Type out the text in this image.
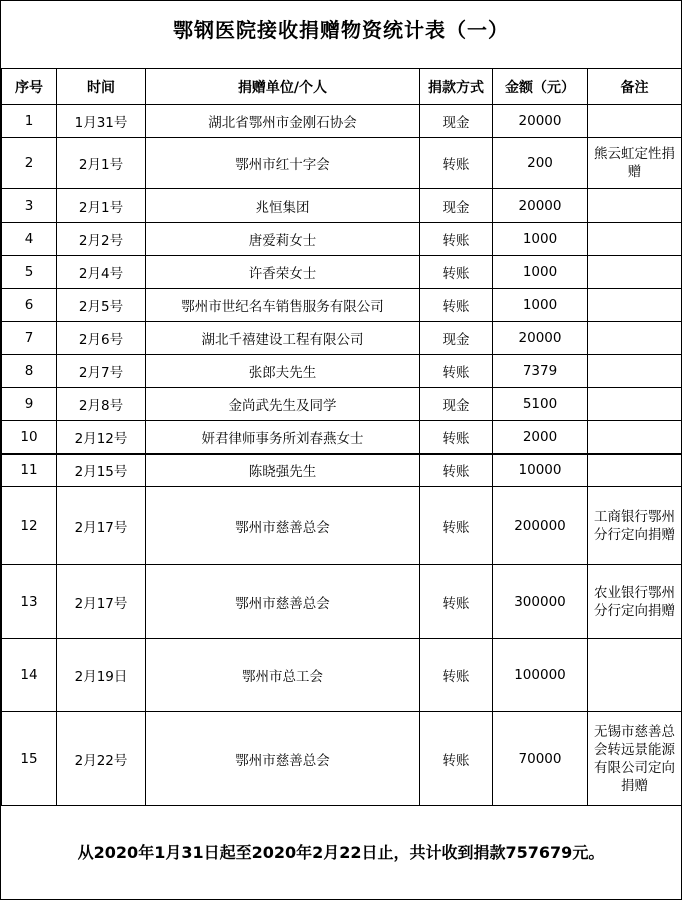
鄂钢医院接收捐赠物资统计表（一）
序号	时间	捐赠单位/个人	捐款方式	金额（元）	备注
1	1月31号	湖北省鄂州市金刚石协会	现金	20000	
2	2月1号	鄂州市红十字会	转账	200	熊云虹定性捐赠
3	2月1号	兆恒集团	现金	20000	
4	2月2号	唐爱莉女士	转账	1000	
5	2月4号	许香荣女士	转账	1000	
6	2月5号	鄂州市世纪名车销售服务有限公司	转账	1000	
7	2月6号	湖北千禧建设工程有限公司	现金	20000	
8	2月7号	张郎夫先生	转账	7379	
9	2月8号	金尚武先生及同学	现金	5100	
10	2月12号	妍君律师事务所刘春燕女士	转账	2000	
11	2月15号	陈晓强先生	转账	10000	
12	2月17号	鄂州市慈善总会	转账	200000	工商银行鄂州分行定向捐赠
13	2月17号	鄂州市慈善总会	转账	300000	农业银行鄂州分行定向捐赠
14	2月19日	鄂州市总工会	转账	100000	
15	2月22号	鄂州市慈善总会	转账	70000	无锡市慈善总会转远景能源有限公司定向捐赠
从2020年1月31日起至2020年2月22日止，共计收到捐款757679元。
